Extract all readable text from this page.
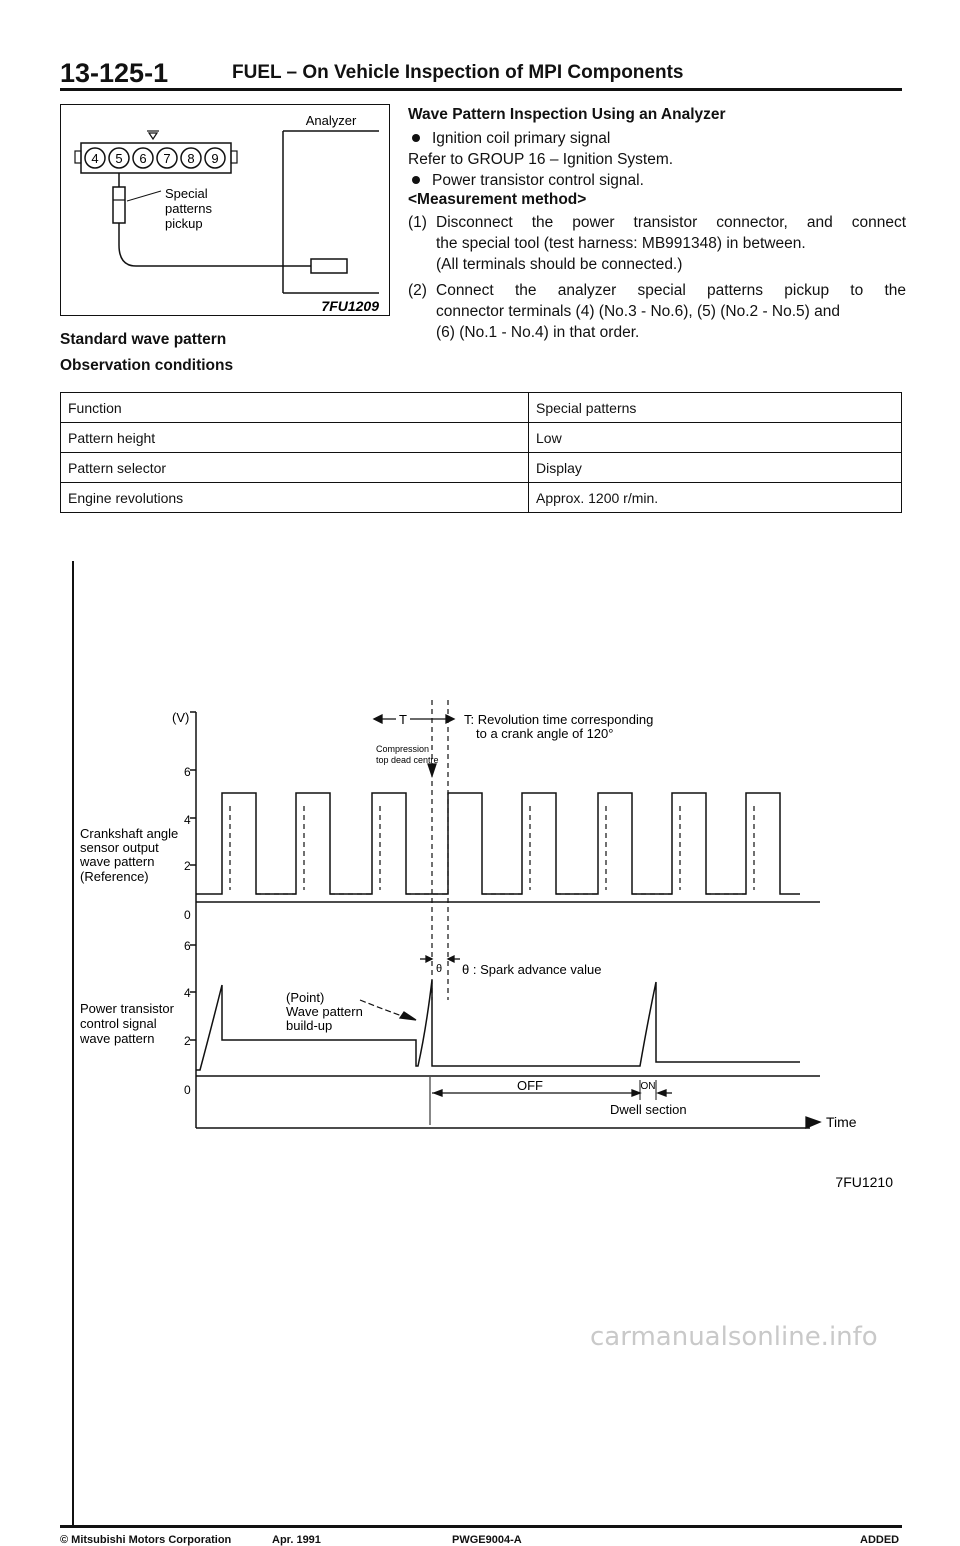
13-125-1	FUEL – On Vehicle Inspection of MPI Components
4 5 6 7 8 9
Analyzer
Special
patterns
pickup
7FU1209
Wave Pattern Inspection Using an Analyzer
Ignition coil primary signal
Refer to GROUP 16 – Ignition System.
Power transistor control signal.
<Measurement method>
(1) Disconnect the power transistor connector, and connect
the special tool (test harness: MB991348) in between.
(All terminals should be connected.)
(2) Connect the analyzer special patterns pickup to the
connector terminals (4) (No.3 - No.6), (5) (No.2 - No.5) and
(6) (No.1 - No.4) in that order.
Standard wave pattern
Observation conditions
Function	Special patterns
Pattern height	Low
Pattern selector	Display
Engine revolutions	Approx. 1200 r/min.
(V)
6
4
2
0
Crankshaft angle
sensor output
wave pattern
(Reference)
6
4
2
0
Power transistor
control signal
wave pattern
T	T: Revolution time corresponding
to a crank angle of 120°
Compression
top dead centre
θ θ : Spark advance value
(Point)
Wave pattern
build-up
OFF	ON
Dwell section
Time
7FU1210
© Mitsubishi Motors Corporation	Apr. 1991	PWGE9004-A	ADDED
carmanualsonline.info
